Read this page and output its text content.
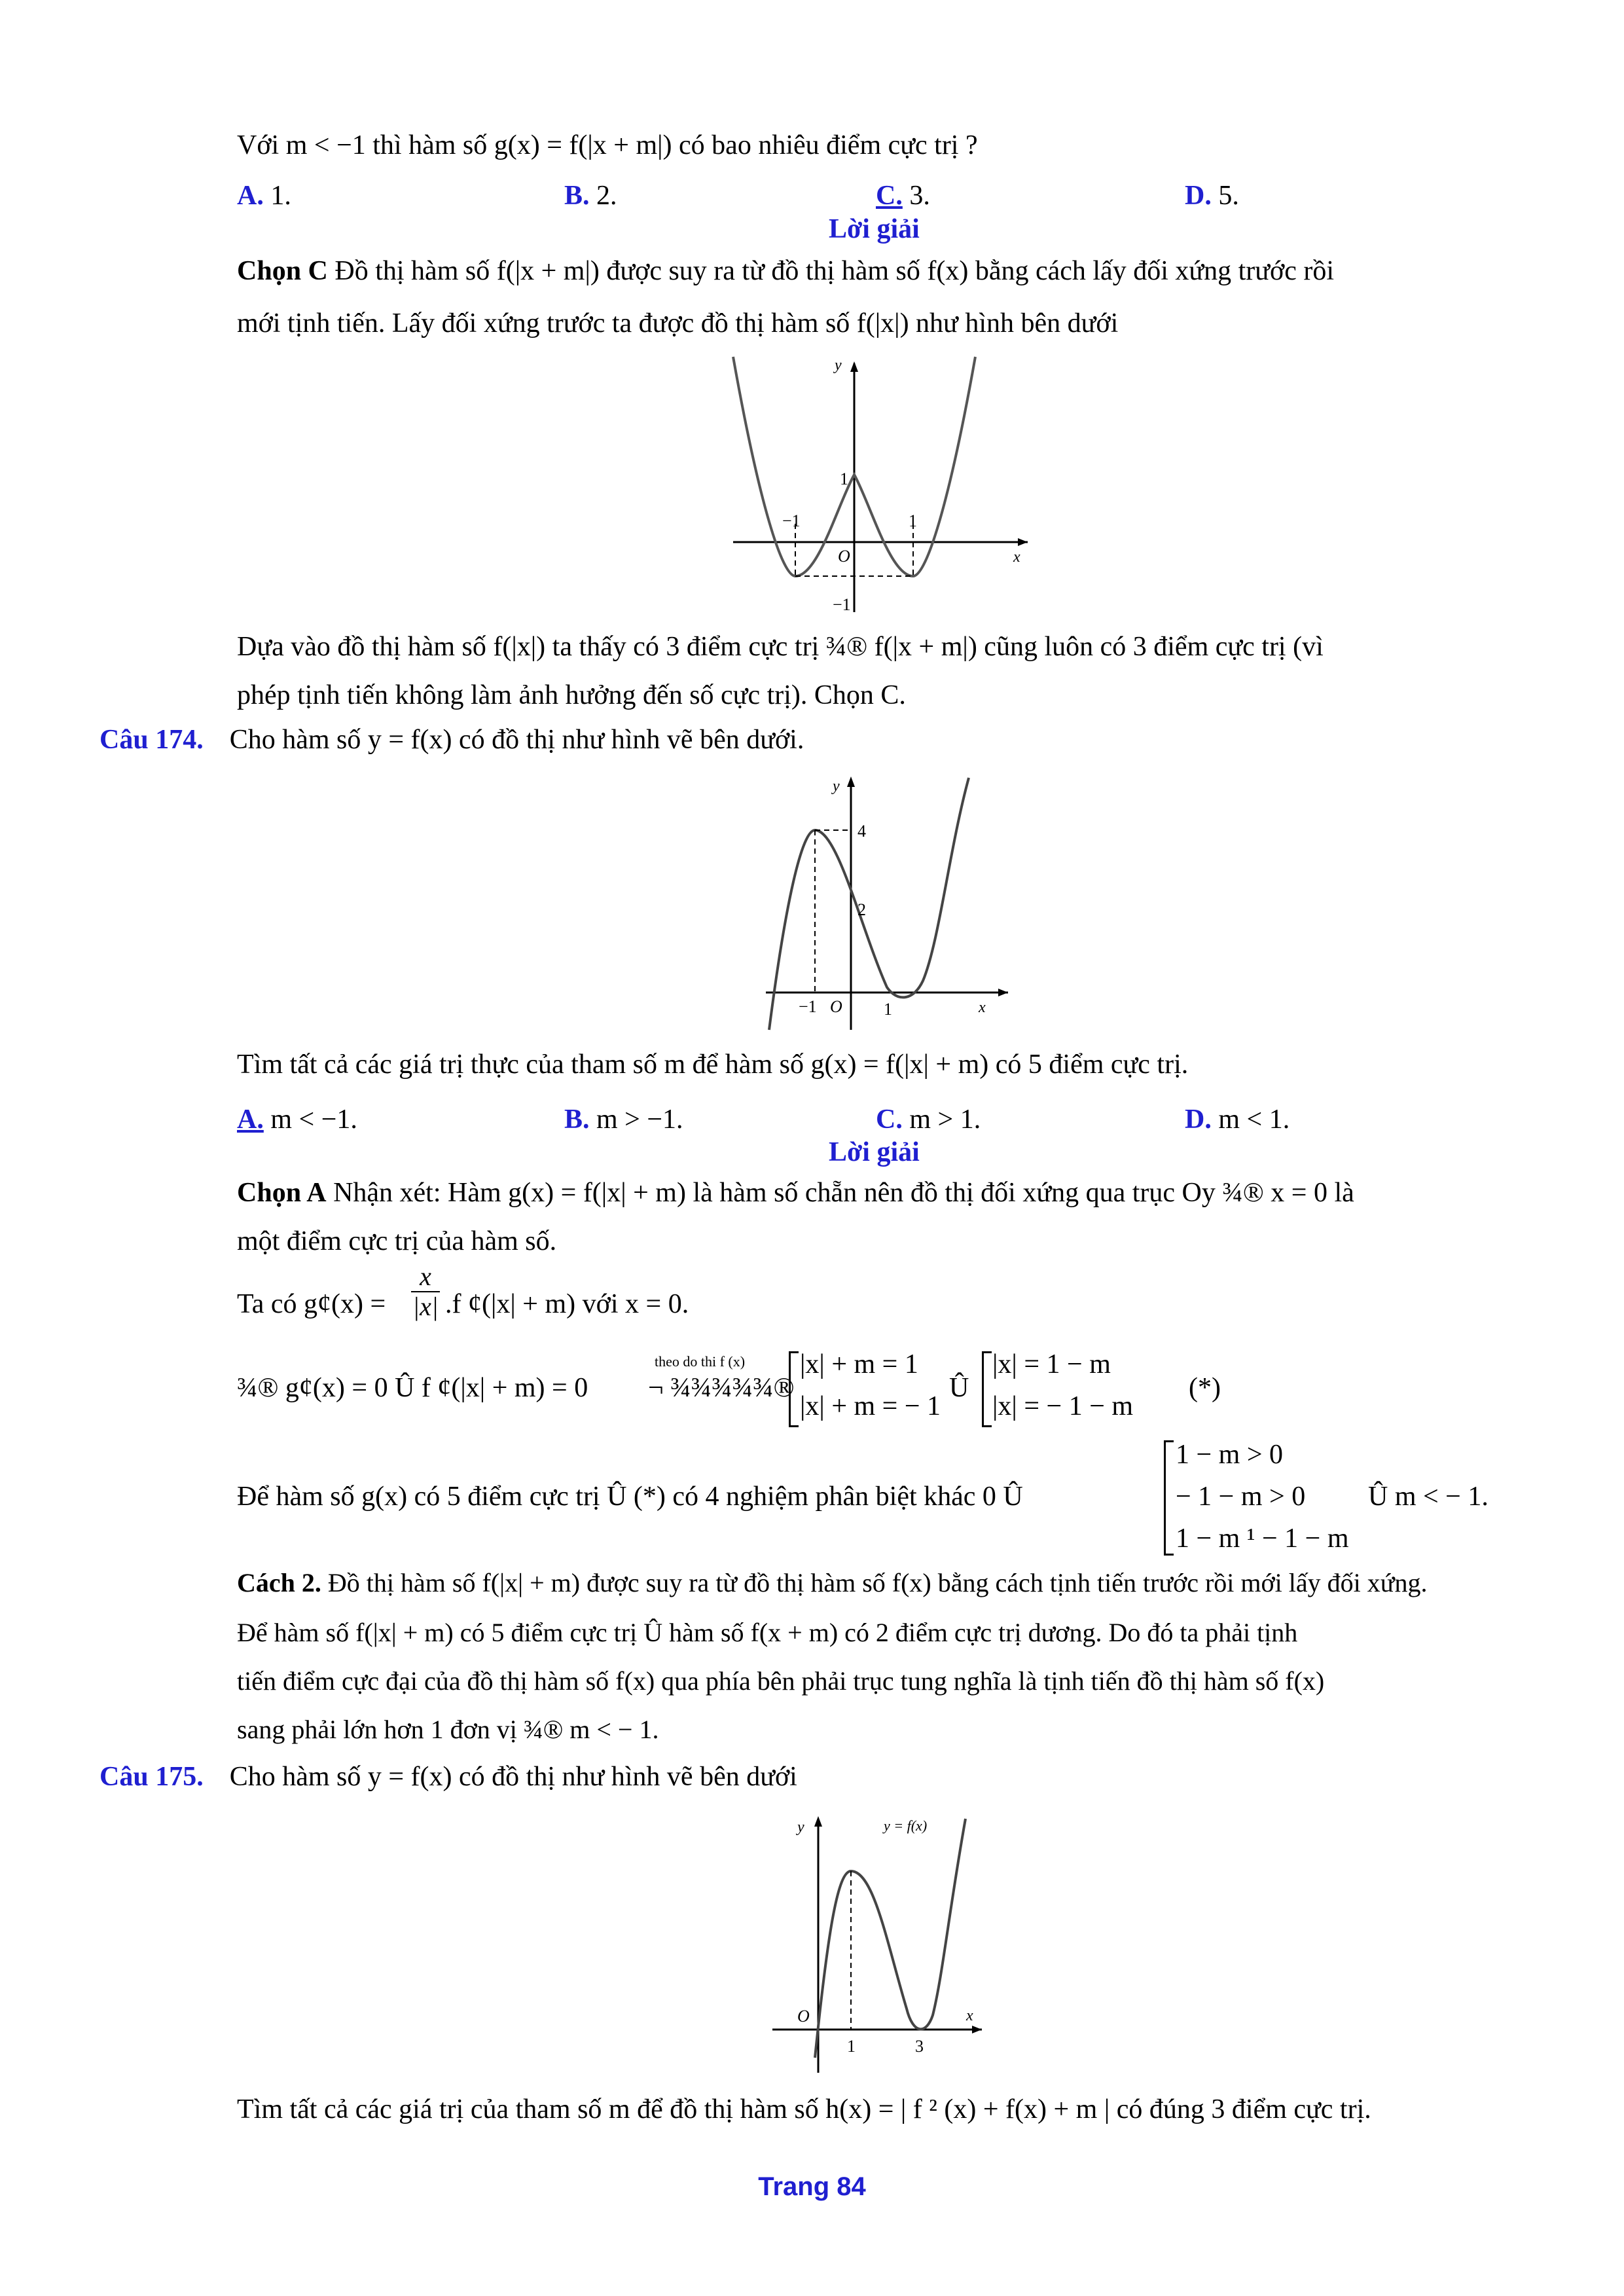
Với m < −1 thì hàm số g(x) = f(|x + m|) có bao nhiêu điểm cực trị ?
A. 1.	B. 2.	C. 3.	D. 5.
Lời giải
Chọn C Đồ thị hàm số f(|x + m|) được suy ra từ đồ thị hàm số f(x) bằng cách lấy đối xứng trước rồi
mới tịnh tiến. Lấy đối xứng trước ta được đồ thị hàm số f(|x|) như hình bên dưới
y
x
1
−1	1
O
−1
Dựa vào đồ thị hàm số f(|x|) ta thấy có 3 điểm cực trị ¾® f(|x + m|) cũng luôn có 3 điểm cực trị (vì
phép tịnh tiến không làm ảnh hưởng đến số cực trị). Chọn C.
Câu 174. Cho hàm số y = f(x) có đồ thị như hình vẽ bên dưới.
y
x
4
2
−1 O 1
Tìm tất cả các giá trị thực của tham số m để hàm số g(x) = f(|x| + m) có 5 điểm cực trị.
A. m < −1.	B. m > −1.	C. m > 1.	D. m < 1.
Lời giải
Chọn A Nhận xét: Hàm g(x) = f(|x| + m) là hàm số chẵn nên đồ thị đối xứng qua trục Oy ¾® x = 0 là
một điểm cực trị của hàm số.
Ta có g¢(x) =
x
|x| .f ¢(|x| + m) với x = 0.
¾® g¢(x) = 0 Û f ¢(|x| + m) = 0
theo do thi f (x)
¬ ¾¾¾¾¾®
|x| + m = 1
|x| + m = − 1
Û
|x| = 1 − m
|x| = − 1 − m
(*)
Để hàm số g(x) có 5 điểm cực trị Û (*) có 4 nghiệm phân biệt khác 0 Û
1 − m > 0
− 1 − m > 0
1 − m ¹ − 1 − m
Û m < − 1.
Cách 2. Đồ thị hàm số f(|x| + m) được suy ra từ đồ thị hàm số f(x) bằng cách tịnh tiến trước rồi mới lấy đối xứng.
Để hàm số f(|x| + m) có 5 điểm cực trị Û hàm số f(x + m) có 2 điểm cực trị dương. Do đó ta phải tịnh
tiến điểm cực đại của đồ thị hàm số f(x) qua phía bên phải trục tung nghĩa là tịnh tiến đồ thị hàm số f(x)
sang phải lớn hơn 1 đơn vị ¾® m < − 1.
Câu 175. Cho hàm số y = f(x) có đồ thị như hình vẽ bên dưới
y	y = f(x)
x
O
1	3
Tìm tất cả các giá trị của tham số m để đồ thị hàm số h(x) = | f ² (x) + f(x) + m | có đúng 3 điểm cực trị.
Trang 84
